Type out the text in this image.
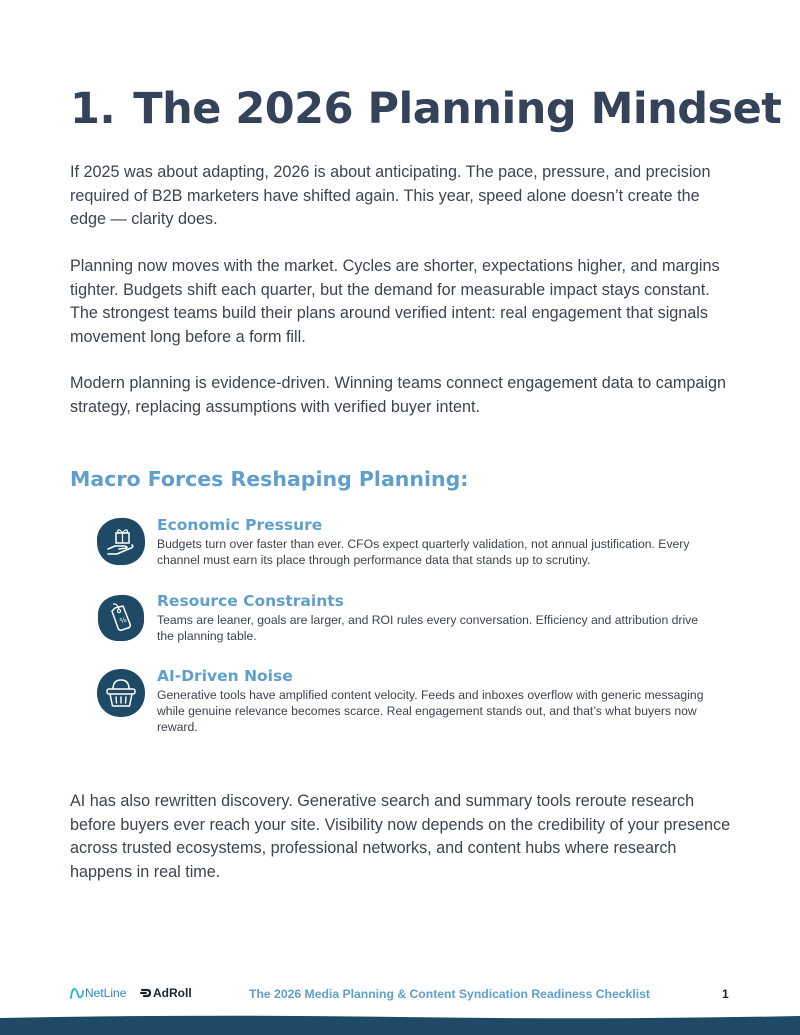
1. The 2026 Planning Mindset

If 2025 was about adapting, 2026 is about anticipating. The pace, pressure, and precision required of B2B marketers have shifted again. This year, speed alone doesn’t create the edge — clarity does.

Planning now moves with the market. Cycles are shorter, expectations higher, and margins tighter. Budgets shift each quarter, but the demand for measurable impact stays constant. The strongest teams build their plans around verified intent: real engagement that signals movement long before a form fill.

Modern planning is evidence-driven. Winning teams connect engagement data to campaign strategy, replacing assumptions with verified buyer intent.

Macro Forces Reshaping Planning:
Economic Pressure
Budgets turn over faster than ever. CFOs expect quarterly validation, not annual justification. Every channel must earn its place through performance data that stands up to scrutiny.
%
Resource Constraints
Teams are leaner, goals are larger, and ROI rules every conversation. Efficiency and attribution drive the planning table.
AI-Driven Noise
Generative tools have amplified content velocity. Feeds and inboxes overflow with generic messaging while genuine relevance becomes scarce. Real engagement stands out, and that’s what buyers now reward.

AI has also rewritten discovery. Generative search and summary tools reroute research before buyers ever reach your site. Visibility now depends on the credibility of your presence across trusted ecosystems, professional networks, and content hubs where research happens in real time.

NetLine AdRoll	The 2026 Media Planning & Content Syndication Readiness Checklist	1
